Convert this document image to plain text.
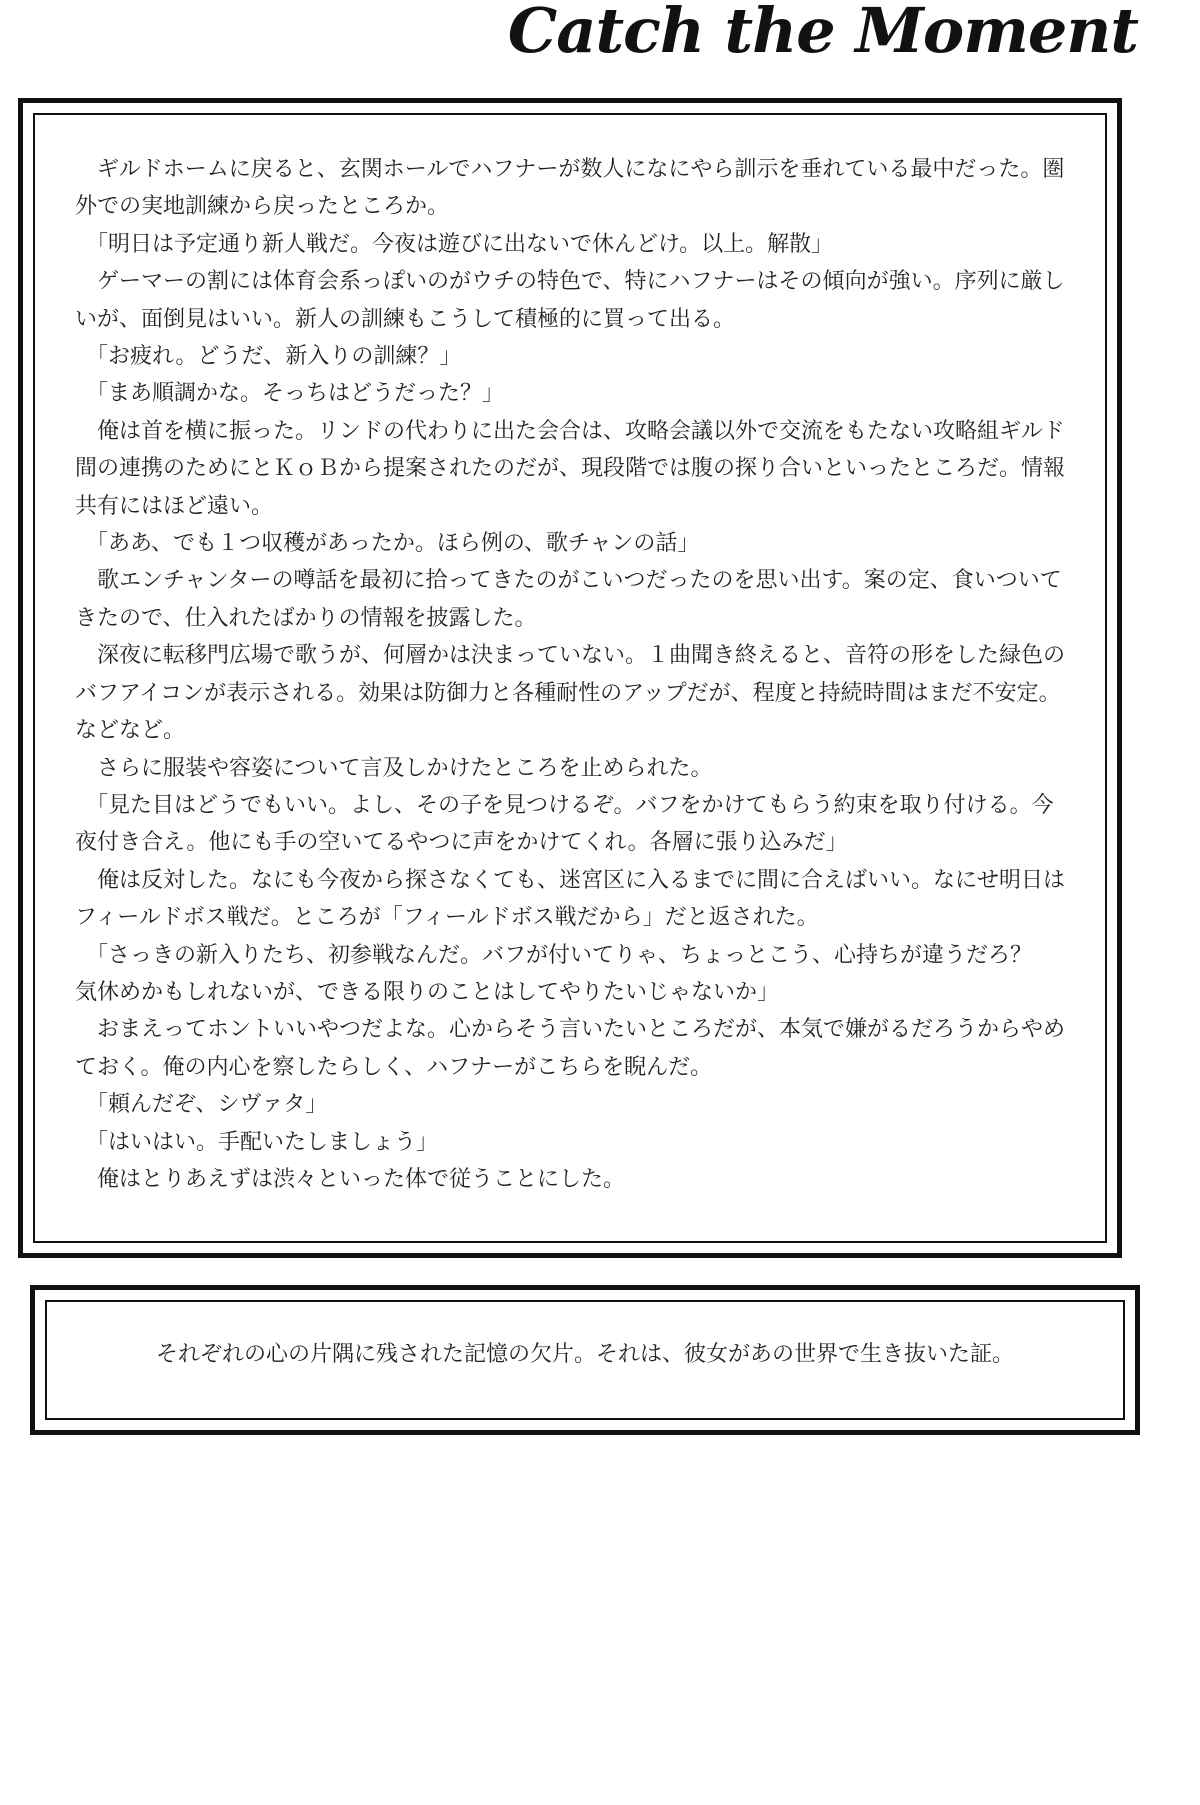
Catch the Moment

ギルドホームに戻ると、玄関ホールでハフナーが数人になにやら訓示を垂れている最中だった。圏外での実地訓練から戻ったところか。

「明日は予定通り新人戦だ。今夜は遊びに出ないで休んどけ。以上。解散」

ゲーマーの割には体育会系っぽいのがウチの特色で、特にハフナーはその傾向が強い。序列に厳しいが、面倒見はいい。新人の訓練もこうして積極的に買って出る。

「お疲れ。どうだ、新入りの訓練？」

「まあ順調かな。そっちはどうだった？」

俺は首を横に振った。リンドの代わりに出た会合は、攻略会議以外で交流をもたない攻略組ギルド間の連携のためにとＫｏＢから提案されたのだが、現段階では腹の探り合いといったところだ。情報共有にはほど遠い。

「ああ、でも１つ収穫があったか。ほら例の、歌チャンの話」

歌エンチャンターの噂話を最初に拾ってきたのがこいつだったのを思い出す。案の定、食いついてきたので、仕入れたばかりの情報を披露した。

深夜に転移門広場で歌うが、何層かは決まっていない。１曲聞き終えると、音符の形をした緑色のバフアイコンが表示される。効果は防御力と各種耐性のアップだが、程度と持続時間はまだ不安定。などなど。

さらに服装や容姿について言及しかけたところを止められた。

「見た目はどうでもいい。よし、その子を見つけるぞ。バフをかけてもらう約束を取り付ける。今夜付き合え。他にも手の空いてるやつに声をかけてくれ。各層に張り込みだ」

俺は反対した。なにも今夜から探さなくても、迷宮区に入るまでに間に合えばいい。なにせ明日はフィールドボス戦だ。ところが「フィールドボス戦だから」だと返された。

「さっきの新入りたち、初参戦なんだ。バフが付いてりゃ、ちょっとこう、心持ちが違うだろ？　気休めかもしれないが、できる限りのことはしてやりたいじゃないか」

おまえってホントいいやつだよな。心からそう言いたいところだが、本気で嫌がるだろうからやめておく。俺の内心を察したらしく、ハフナーがこちらを睨んだ。

「頼んだぞ、シヴァタ」

「はいはい。手配いたしましょう」

俺はとりあえずは渋々といった体で従うことにした。

それぞれの心の片隅に残された記憶の欠片。それは、彼女があの世界で生き抜いた証。
